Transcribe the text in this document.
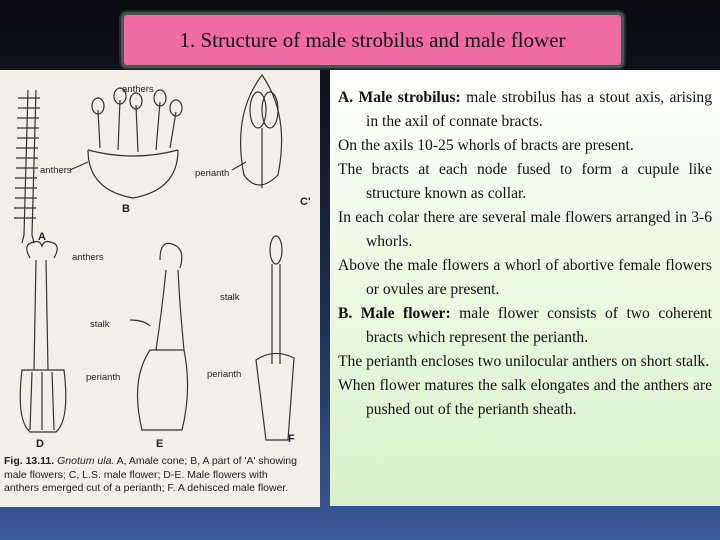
1. Structure of male strobilus and male flower
anthers
anthers
anthers
perianth
perianth	perianth
stalk
stalk
A
B
C'
D	E	F
Fig. 13.11. Gnotum ula. A, Amale cone; B, A part of 'A' showing
male flowers; C, L.S. male flower; D-E. Male flowers with
anthers emerged cut of a perianth; F. A dehisced male flower.

A. Male strobilus: male strobilus has a stout axis, arising in the axil of connate bracts.

On the axils 10-25 whorls of bracts are present.

The bracts at each node fused to form a cupule like structure known as collar.

In each colar there are several male flowers arranged in 3-6 whorls.

Above the male flowers a whorl of abortive female flowers or ovules are present.

B. Male flower: male flower consists of two coherent bracts which represent the perianth.

The perianth encloses two unilocular anthers on short stalk.

When flower matures the salk elongates and the anthers are pushed out of the perianth sheath.
